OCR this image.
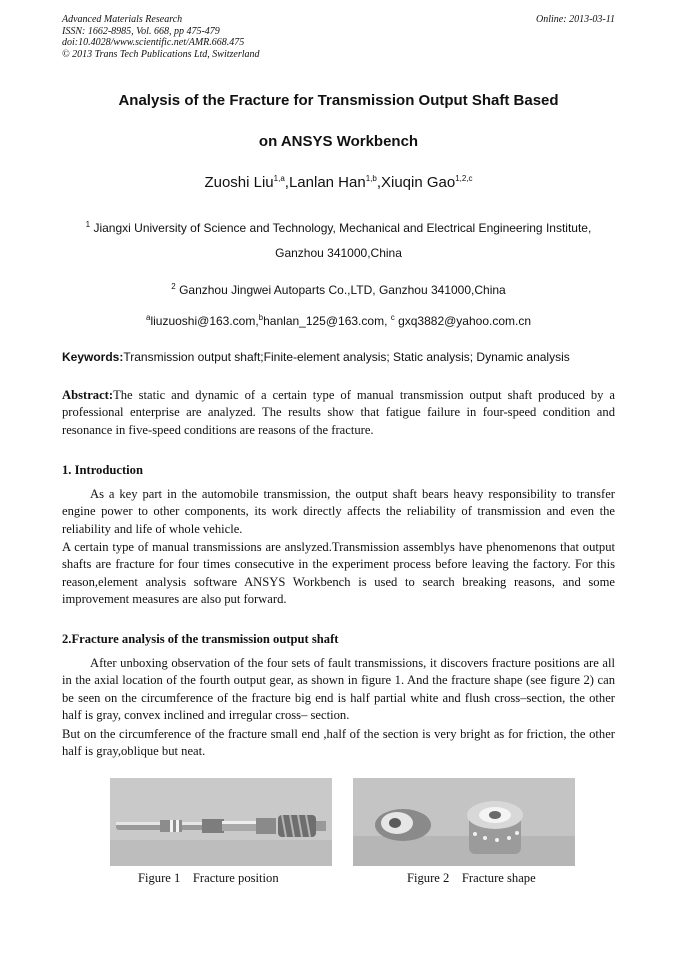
Advanced Materials Research
ISSN: 1662-8985, Vol. 668, pp 475-479
doi:10.4028/www.scientific.net/AMR.668.475
© 2013 Trans Tech Publications Ltd, Switzerland
Online: 2013-03-11
Analysis of the Fracture for Transmission Output Shaft Based
on ANSYS Workbench
Zuoshi Liu$^{1,a}$,Lanlan Han$^{1,b}$,Xiuqin Gao$^{1,2,c}$
$^1$ Jiangxi University of Science and Technology, Mechanical and Electrical Engineering Institute,
Ganzhou 341000,China
$^2$ Ganzhou Jingwei Autoparts Co.,LTD, Ganzhou 341000,China
$^a$liuzuoshi@163.com,$^b$hanlan_125@163.com, $^c$ gxq3882@yahoo.com.cn
Keywords:Transmission output shaft;Finite-element analysis; Static analysis; Dynamic analysis
Abstract:The static and dynamic of a certain type of manual transmission output shaft produced by a professional enterprise are analyzed. The results show that fatigue failure in four-speed condition and resonance in five-speed conditions are reasons of the fracture.
1. Introduction
As a key part in the automobile transmission, the output shaft bears heavy responsibility to transfer engine power to other components, its work directly affects the reliability of transmission and even the reliability and life of whole vehicle.
A certain type of manual transmissions are anslyzed.Transmission assemblys have phenomenons that output shafts are fracture for four times consecutive in the experiment process before leaving the factory. For this reason,element analysis software ANSYS Workbench is used to search breaking reasons, and some improvement measures are also put forward.
2.Fracture analysis of the transmission output shaft
After unboxing observation of the four sets of fault transmissions, it discovers fracture positions are all in the axial location of the fourth output gear, as shown in figure 1. And the fracture shape (see figure 2) can be seen on the circumference of the fracture big end is half partial white and flush cross–section, the other half is gray, convex inclined and irregular cross– section.
But on the circumference of the fracture small end ,half of the section is very bright as for friction, the other half is gray,oblique but neat.
Figure 1    Fracture position	Figure 2    Fracture shape
